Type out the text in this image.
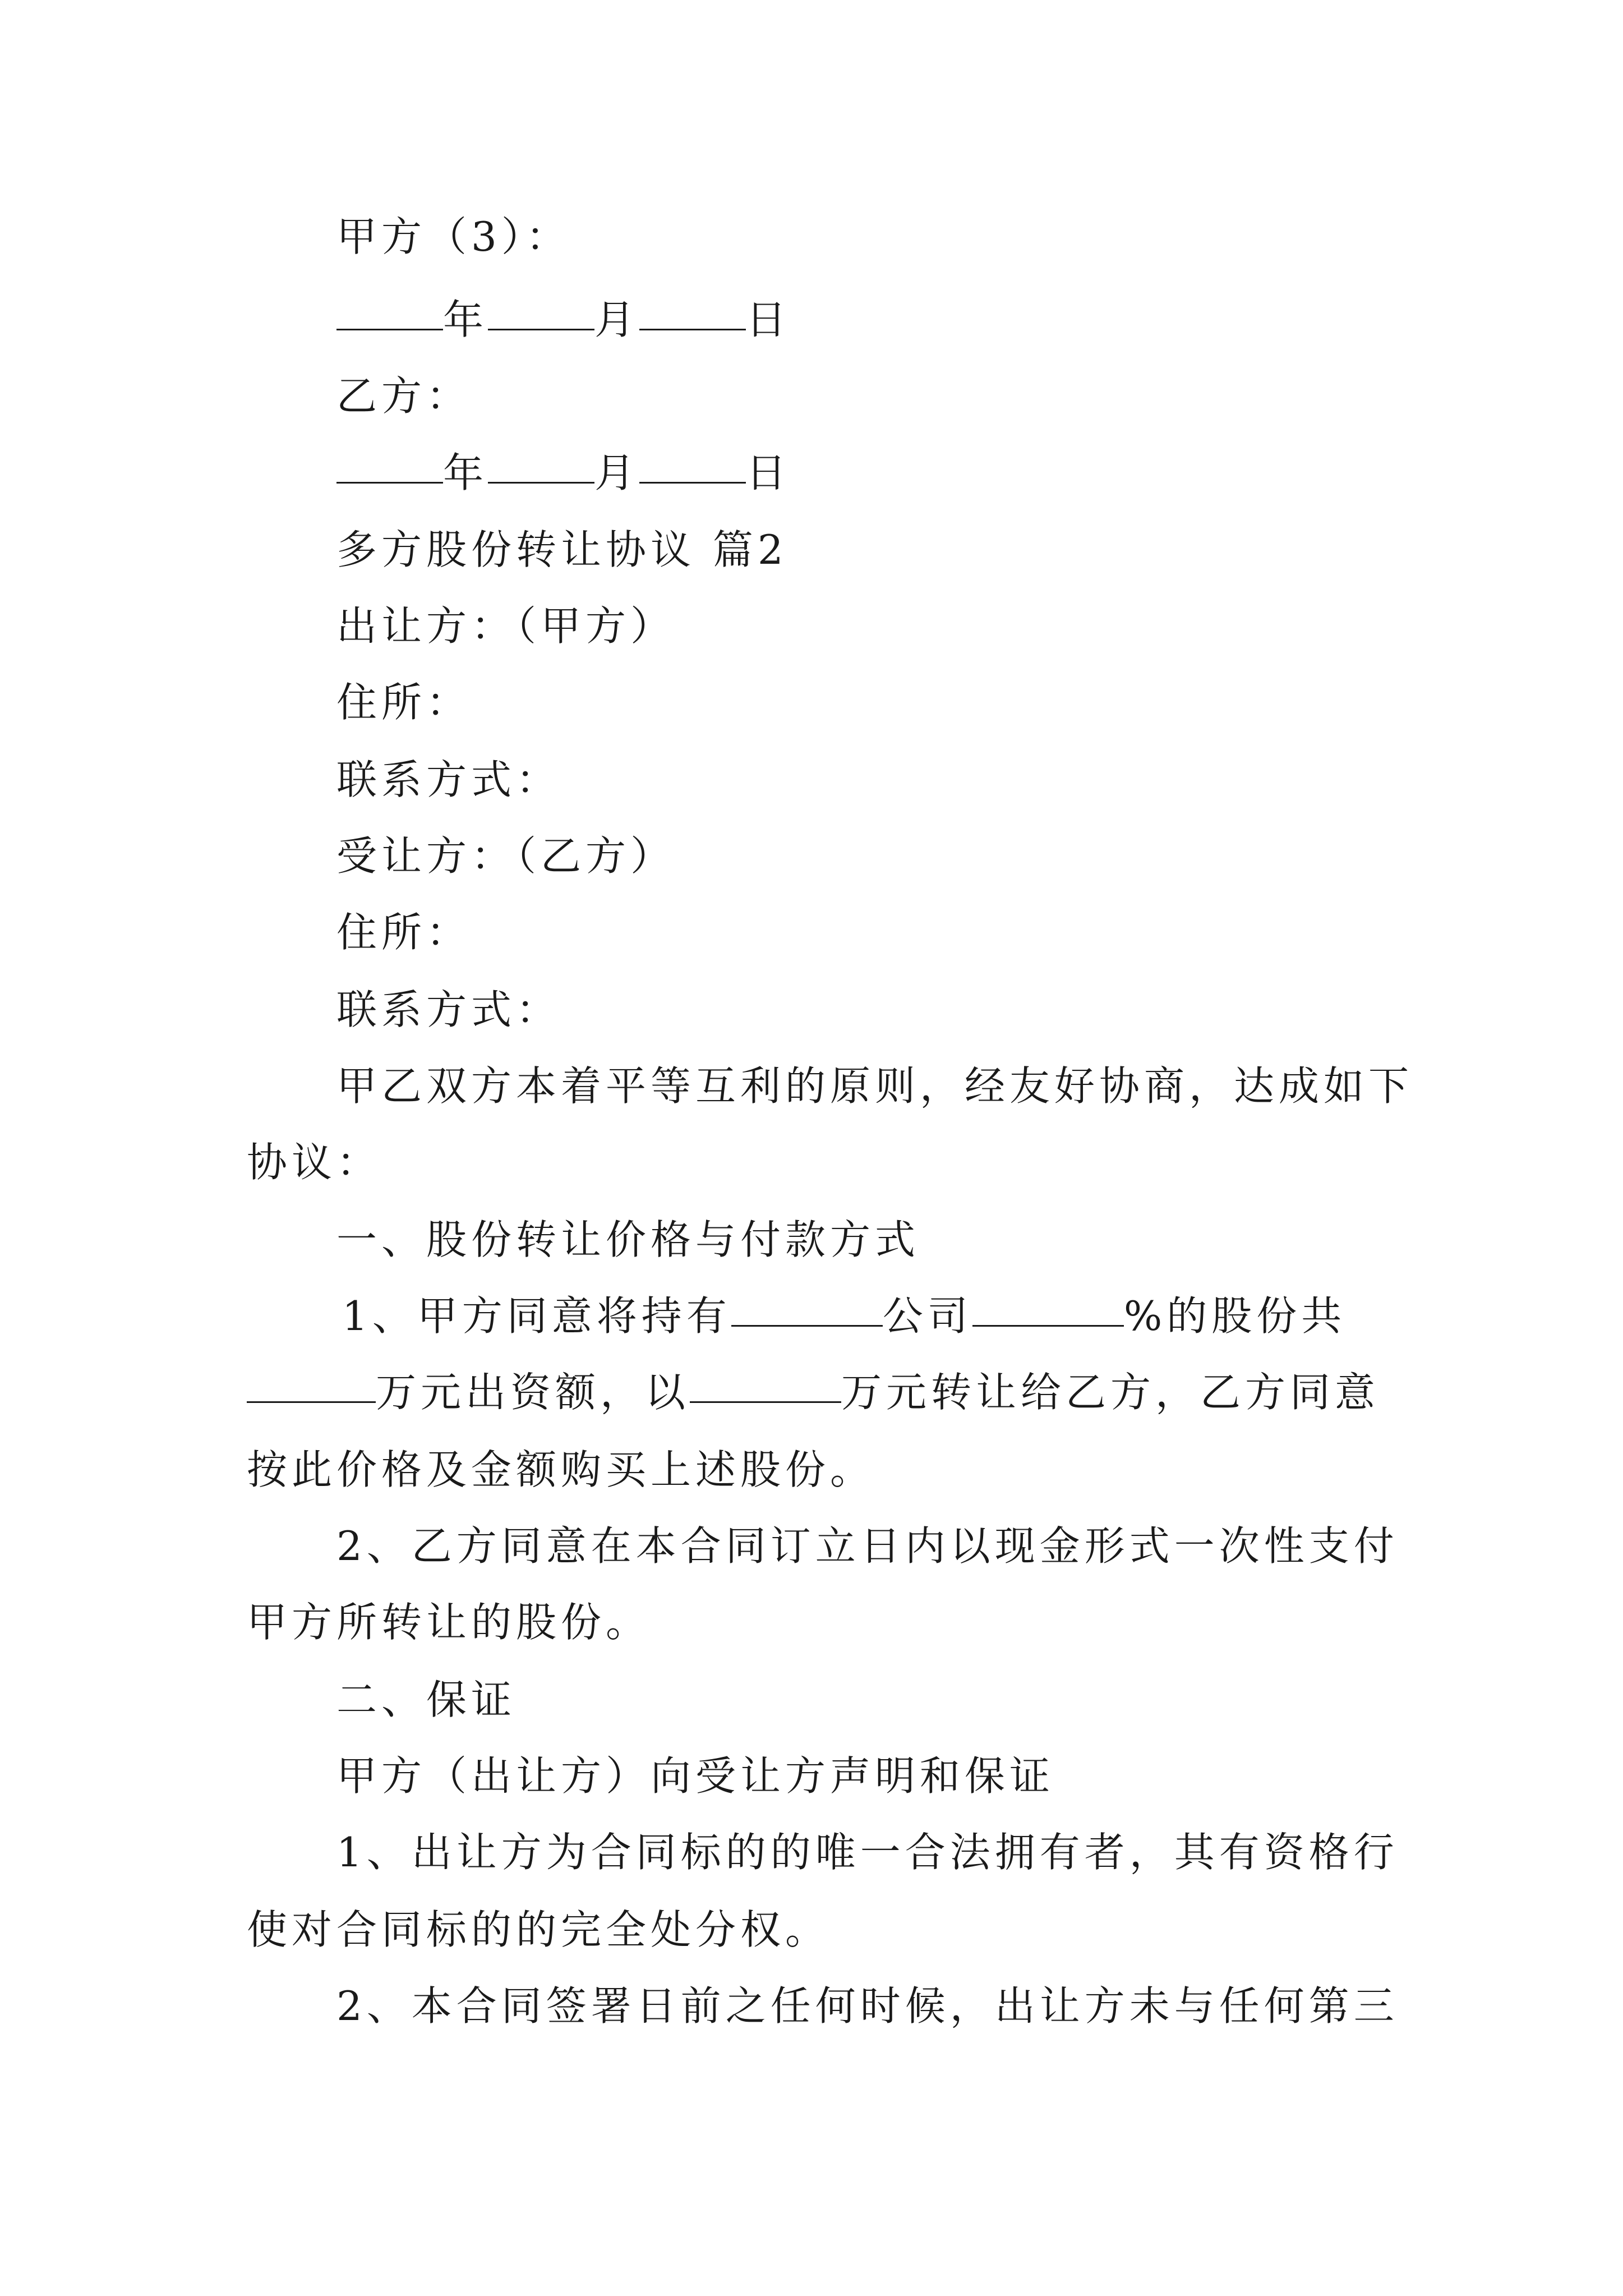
甲方（3）：
年	月	日
乙方：
年	月	日
多方股份转让协议 篇2
出让方：（甲方）
住所：
联系方式：
受让方：（乙方）
住所：
联系方式：
甲乙双方本着平等互利的原则，经友好协商，达成如下
协议：
一、股份转让价格与付款方式
1、甲方同意将持有	公司	%的股份共
万元出资额，以	万元转让给乙方，乙方同意
按此价格及金额购买上述股份。
2、乙方同意在本合同订立日内以现金形式一次性支付
甲方所转让的股份。
二、保证
甲方（出让方）向受让方声明和保证
1、出让方为合同标的的唯一合法拥有者，其有资格行
使对合同标的的完全处分权。
2、本合同签署日前之任何时候，出让方未与任何第三
